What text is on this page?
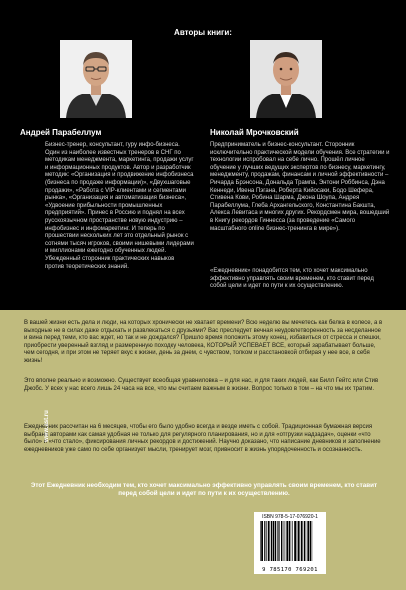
Авторы книги:
Андрей Парабеллум	Николай Мрочковский

Бизнес-тренер, консультант, гуру инфо-бизнеса. Один из наиболее известных тренеров в СНГ по методикам менеджмента, маркетинга, продажи услуг и информационных продуктов. Автор и разработчик методик: «Организация и продвижение инфобизнеса (бизнеса по продаже информации)», «Двухшаговые продажи», «Работа с VIP-клиентами и сегментами рынка», «Организация и автоматизация бизнеса», «Удвоение прибыльности промышленных предприятий». Принес в Россию и поднял на всех русскоязычном пространстве новую индустрию – инфобизнес и инфомаркетинг. И теперь по прошествии нескольких лет это отдельный рынок с сотнями тысяч игроков, своими нишевыми лидерами и миллионами ежегодно обученных людей. Убежденный сторонник практических навыков против теоретических знаний.

Предприниматель и бизнес-консультант. Сторонник исключительно практической модели обучения. Все стратегии и технологии испробовал на себе лично. Прошёл личное обучение у лучших ведущих экспертов по бизнесу, маркетингу, менеджменту, продажам, финансам и личной эффективности – Ричарда Брэнсона, Дональда Трампа, Энтони Роббинса, Дэна Кеннеди, Ивена Пэгана, Роберта Кийосаки, Бодо Шефера, Стивена Кови, Робина Шарма, Джона Шоупа, Андрея Парабеллума, Глеба Архангельского, Константина Бакшта, Алекса Левитаса и многих других. Рекордсмен мира, вошедший в Книгу рекордов Гиннесса (за проведение «Самого масштабного online бизнес-тренинга в мире»).

«Ежедневник» понадобится тем, кто хочет максимально эффективно управлять своим временем, кто ставит перед собой цели и идет по пути к их осуществлению.

В вашей жизни есть дела и люди, на которых хронически не хватает времени? Всю неделю вы мечетесь как белка в колесе, а в выходные не в силах даже отдыхать и развлекаться с друзьями? Вас преследует вечная неудовлетворенность за несделанное и вина перед теми, кто вас ждет, но так и не дождался? Пришло время положить этому конец, избавиться от стресса и спешки, приобрести уверенный взгляд и размеренную походку человека, КОТОРЫЙ УСПЕВАЕТ ВСЕ, который зарабатывает больше, чем сегодня, и при этом не теряет вкус к жизни, день за днем, с чувством, толком и расстановкой отбирая у нее все, в себя жизнь!

Это вполне реально и возможно. Существует всеобщая уравниловка – и для нас, и для таких людей, как Билл Гейтс или Стив Джобс. У всех у нас всего лишь 24 часа на все, что мы считаем важным в жизни. Вопрос только в том – на что мы их тратим.

Ежедневник рассчитан на 6 месяцев, чтобы его было удобно всегда и везде иметь с собой. Традиционная бумажная версия выбрана авторами как самая удобная не только для регулярного планирования, но и для «отгрузки надзадач», оценки «что было» и «что стало», фиксирования личных рекордов и достижений. Научно доказано, что написание дневников и заполнение ежедневников уже само по себе организует мысли, тренирует мозг, привносит в жизнь упорядоченность и осознанность.

Этот Ежедневник необходим тем, кто хочет максимально эффективно управлять своим временем, кто ставит перед собой цели и идет по пути к их осуществлению.

www.ast.ru
ISBN 978-5-17-076920-1
9 785170 769201
